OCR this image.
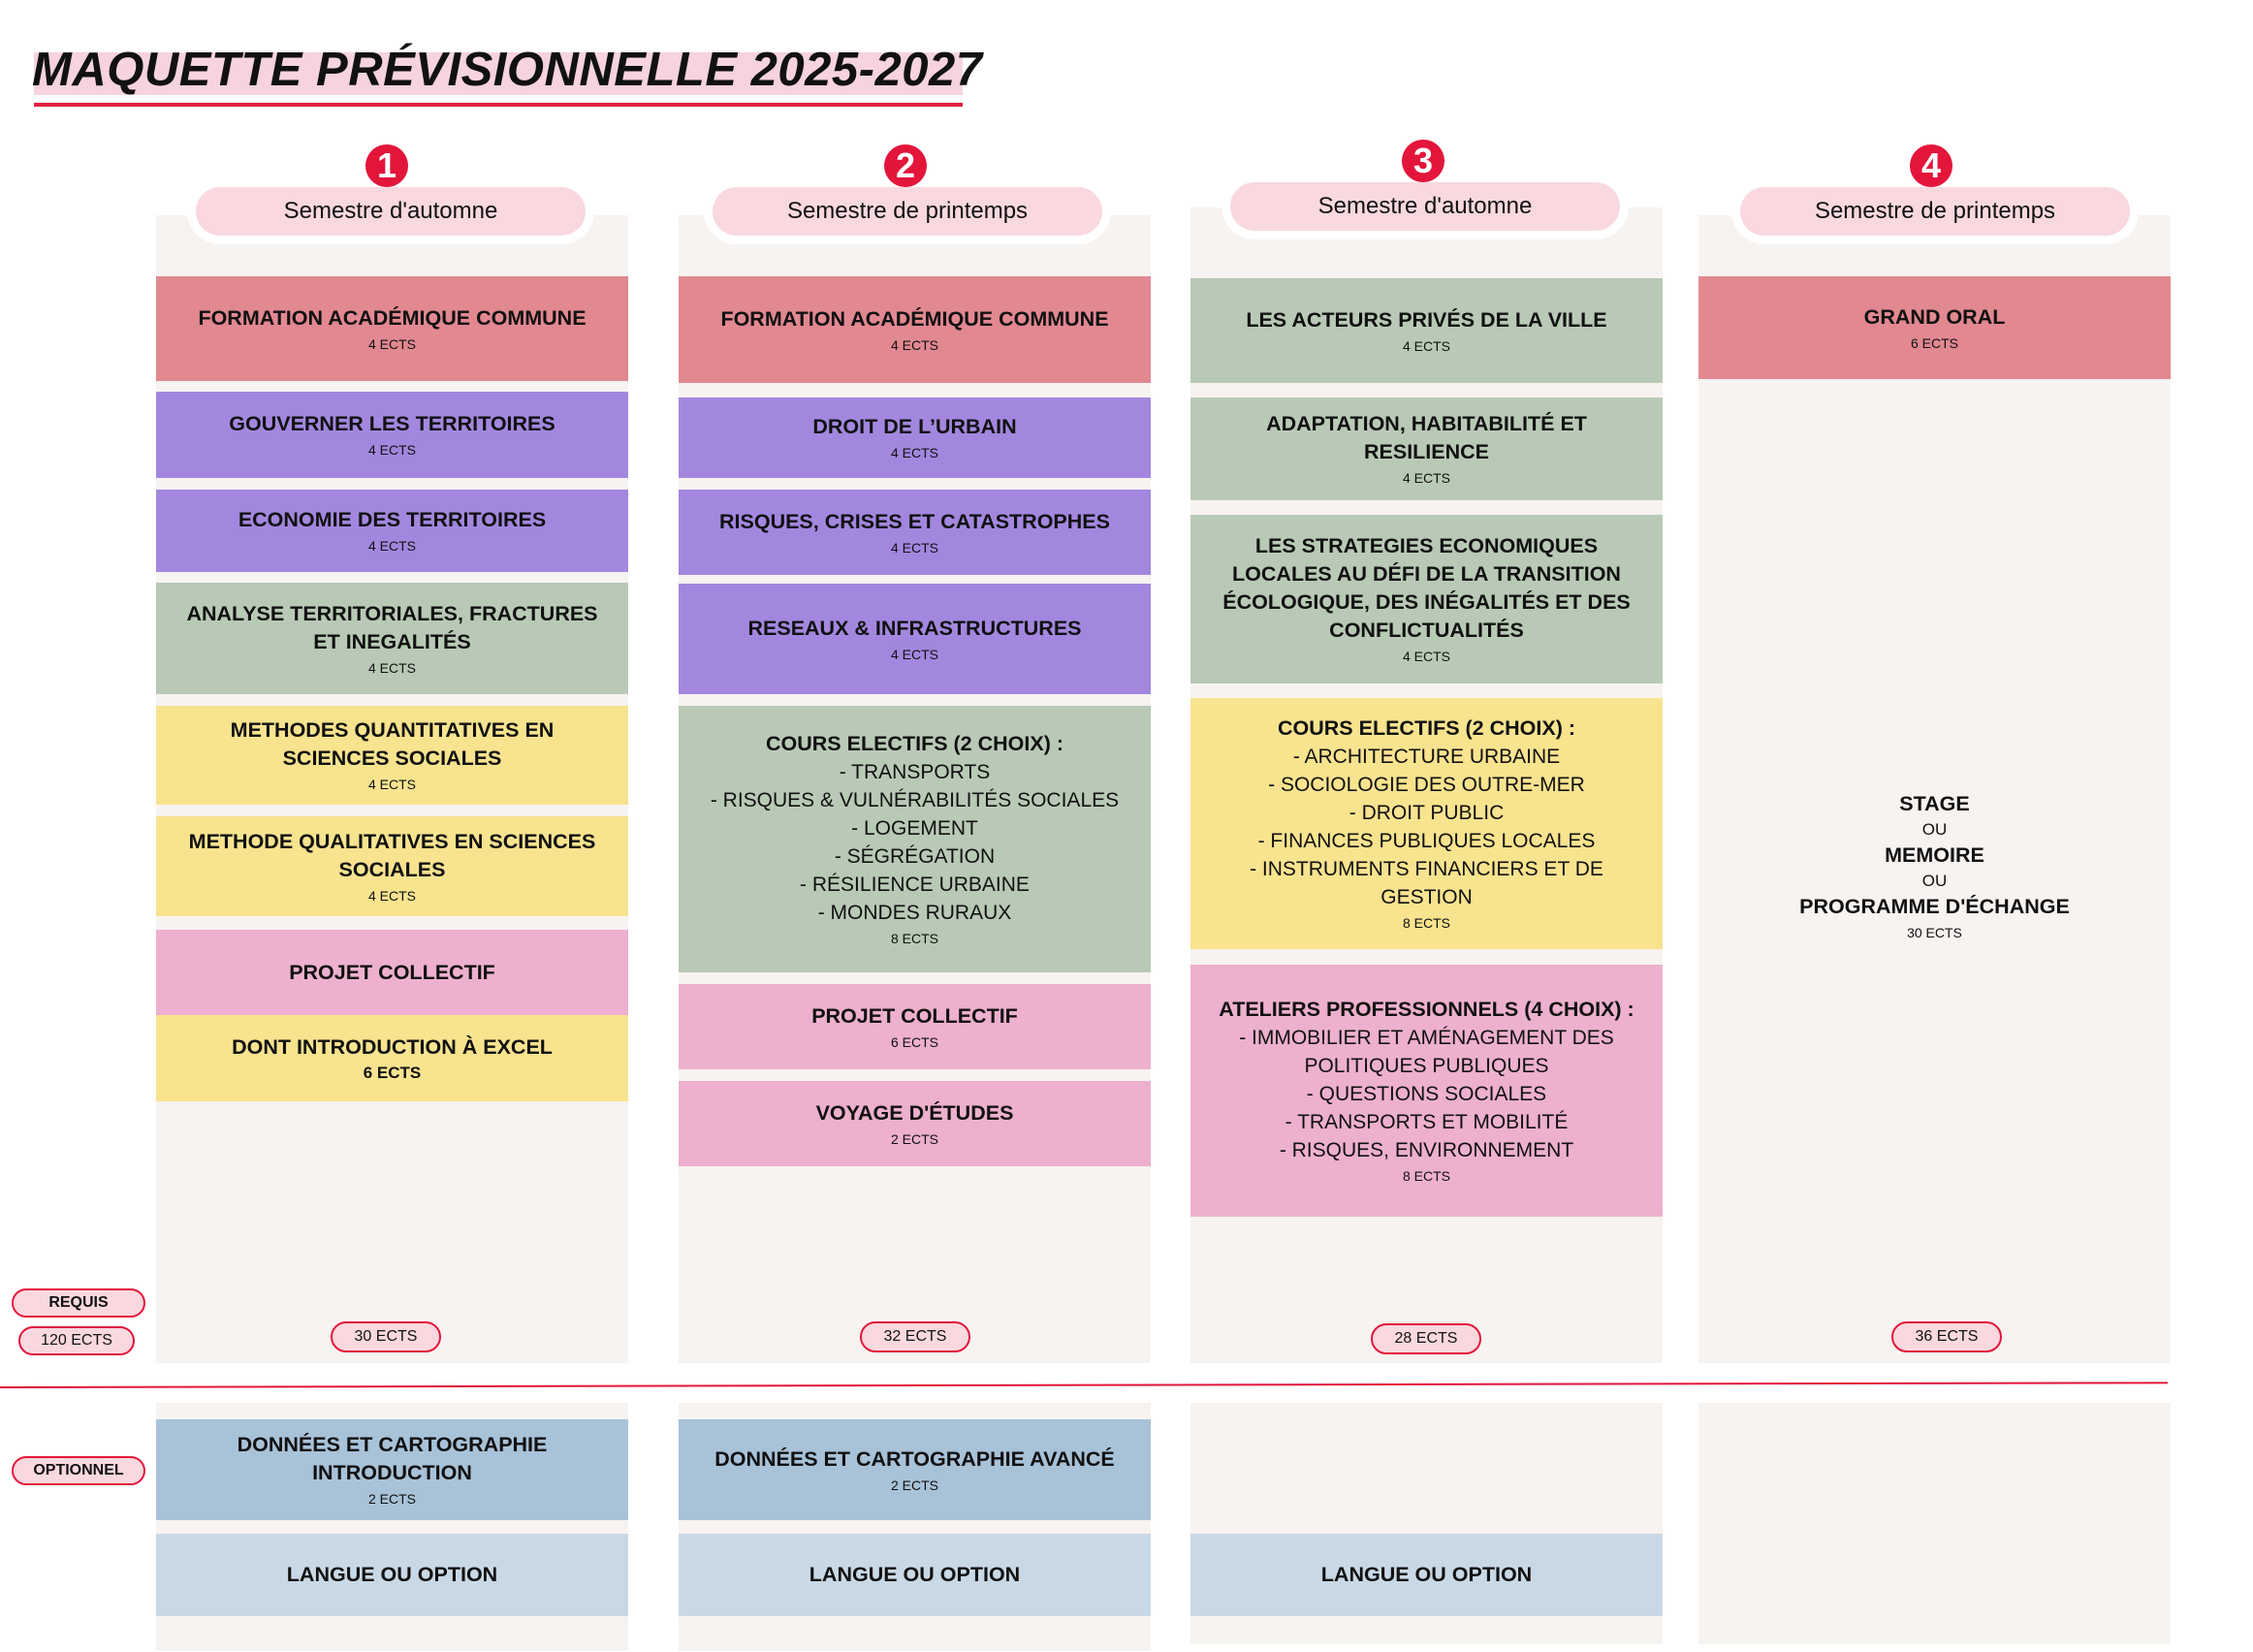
MAQUETTE PRÉVISIONNELLE 2025-2027
Semestre d'automne
1
Semestre de printemps
2
Semestre d'automne
3
Semestre de printemps
4
FORMATION ACADÉMIQUE COMMUNE
4 ECTS
GOUVERNER LES TERRITOIRES
4 ECTS
ECONOMIE DES TERRITOIRES
4 ECTS
ANALYSE TERRITORIALES, FRACTURES ET INEGALITÉS
4 ECTS
METHODES QUANTITATIVES EN SCIENCES SOCIALES
4 ECTS
METHODE QUALITATIVES EN SCIENCES SOCIALES
4 ECTS
PROJET COLLECTIF
DONT INTRODUCTION À EXCEL
6 ECTS
FORMATION ACADÉMIQUE COMMUNE
4 ECTS
DROIT DE L’URBAIN
4 ECTS
RISQUES, CRISES ET CATASTROPHES
4 ECTS
RESEAUX & INFRASTRUCTURES
4 ECTS
COURS ELECTIFS (2 CHOIX) :
- TRANSPORTS
- RISQUES & VULNÉRABILITÉS SOCIALES
- LOGEMENT
- SÉGRÉGATION
- RÉSILIENCE URBAINE
- MONDES RURAUX
8 ECTS
PROJET COLLECTIF
6 ECTS
VOYAGE D'ÉTUDES
2 ECTS
LES ACTEURS PRIVÉS DE LA VILLE
4 ECTS
ADAPTATION, HABITABILITÉ ET RESILIENCE
4 ECTS
LES STRATEGIES ECONOMIQUES LOCALES AU DÉFI DE LA TRANSITION ÉCOLOGIQUE, DES INÉGALITÉS ET DES CONFLICTUALITÉS
4 ECTS
COURS ELECTIFS (2 CHOIX) :
- ARCHITECTURE URBAINE
- SOCIOLOGIE DES OUTRE-MER
- DROIT PUBLIC
- FINANCES PUBLIQUES LOCALES
- INSTRUMENTS FINANCIERS ET DE GESTION
8 ECTS
ATELIERS PROFESSIONNELS (4 CHOIX) :
- IMMOBILIER ET AMÉNAGEMENT DES POLITIQUES PUBLIQUES
- QUESTIONS SOCIALES
- TRANSPORTS ET MOBILITÉ
- RISQUES, ENVIRONNEMENT
8 ECTS
GRAND ORAL
6 ECTS
STAGE
OU
MEMOIRE
OU
PROGRAMME D'ÉCHANGE
30 ECTS
30 ECTS	32 ECTS	28 ECTS	36 ECTS
REQUIS
120 ECTS
OPTIONNEL
DONNÉES ET CARTOGRAPHIE INTRODUCTION
2 ECTS
LANGUE OU OPTION
DONNÉES ET CARTOGRAPHIE AVANCÉ
2 ECTS
LANGUE OU OPTION	LANGUE OU OPTION
